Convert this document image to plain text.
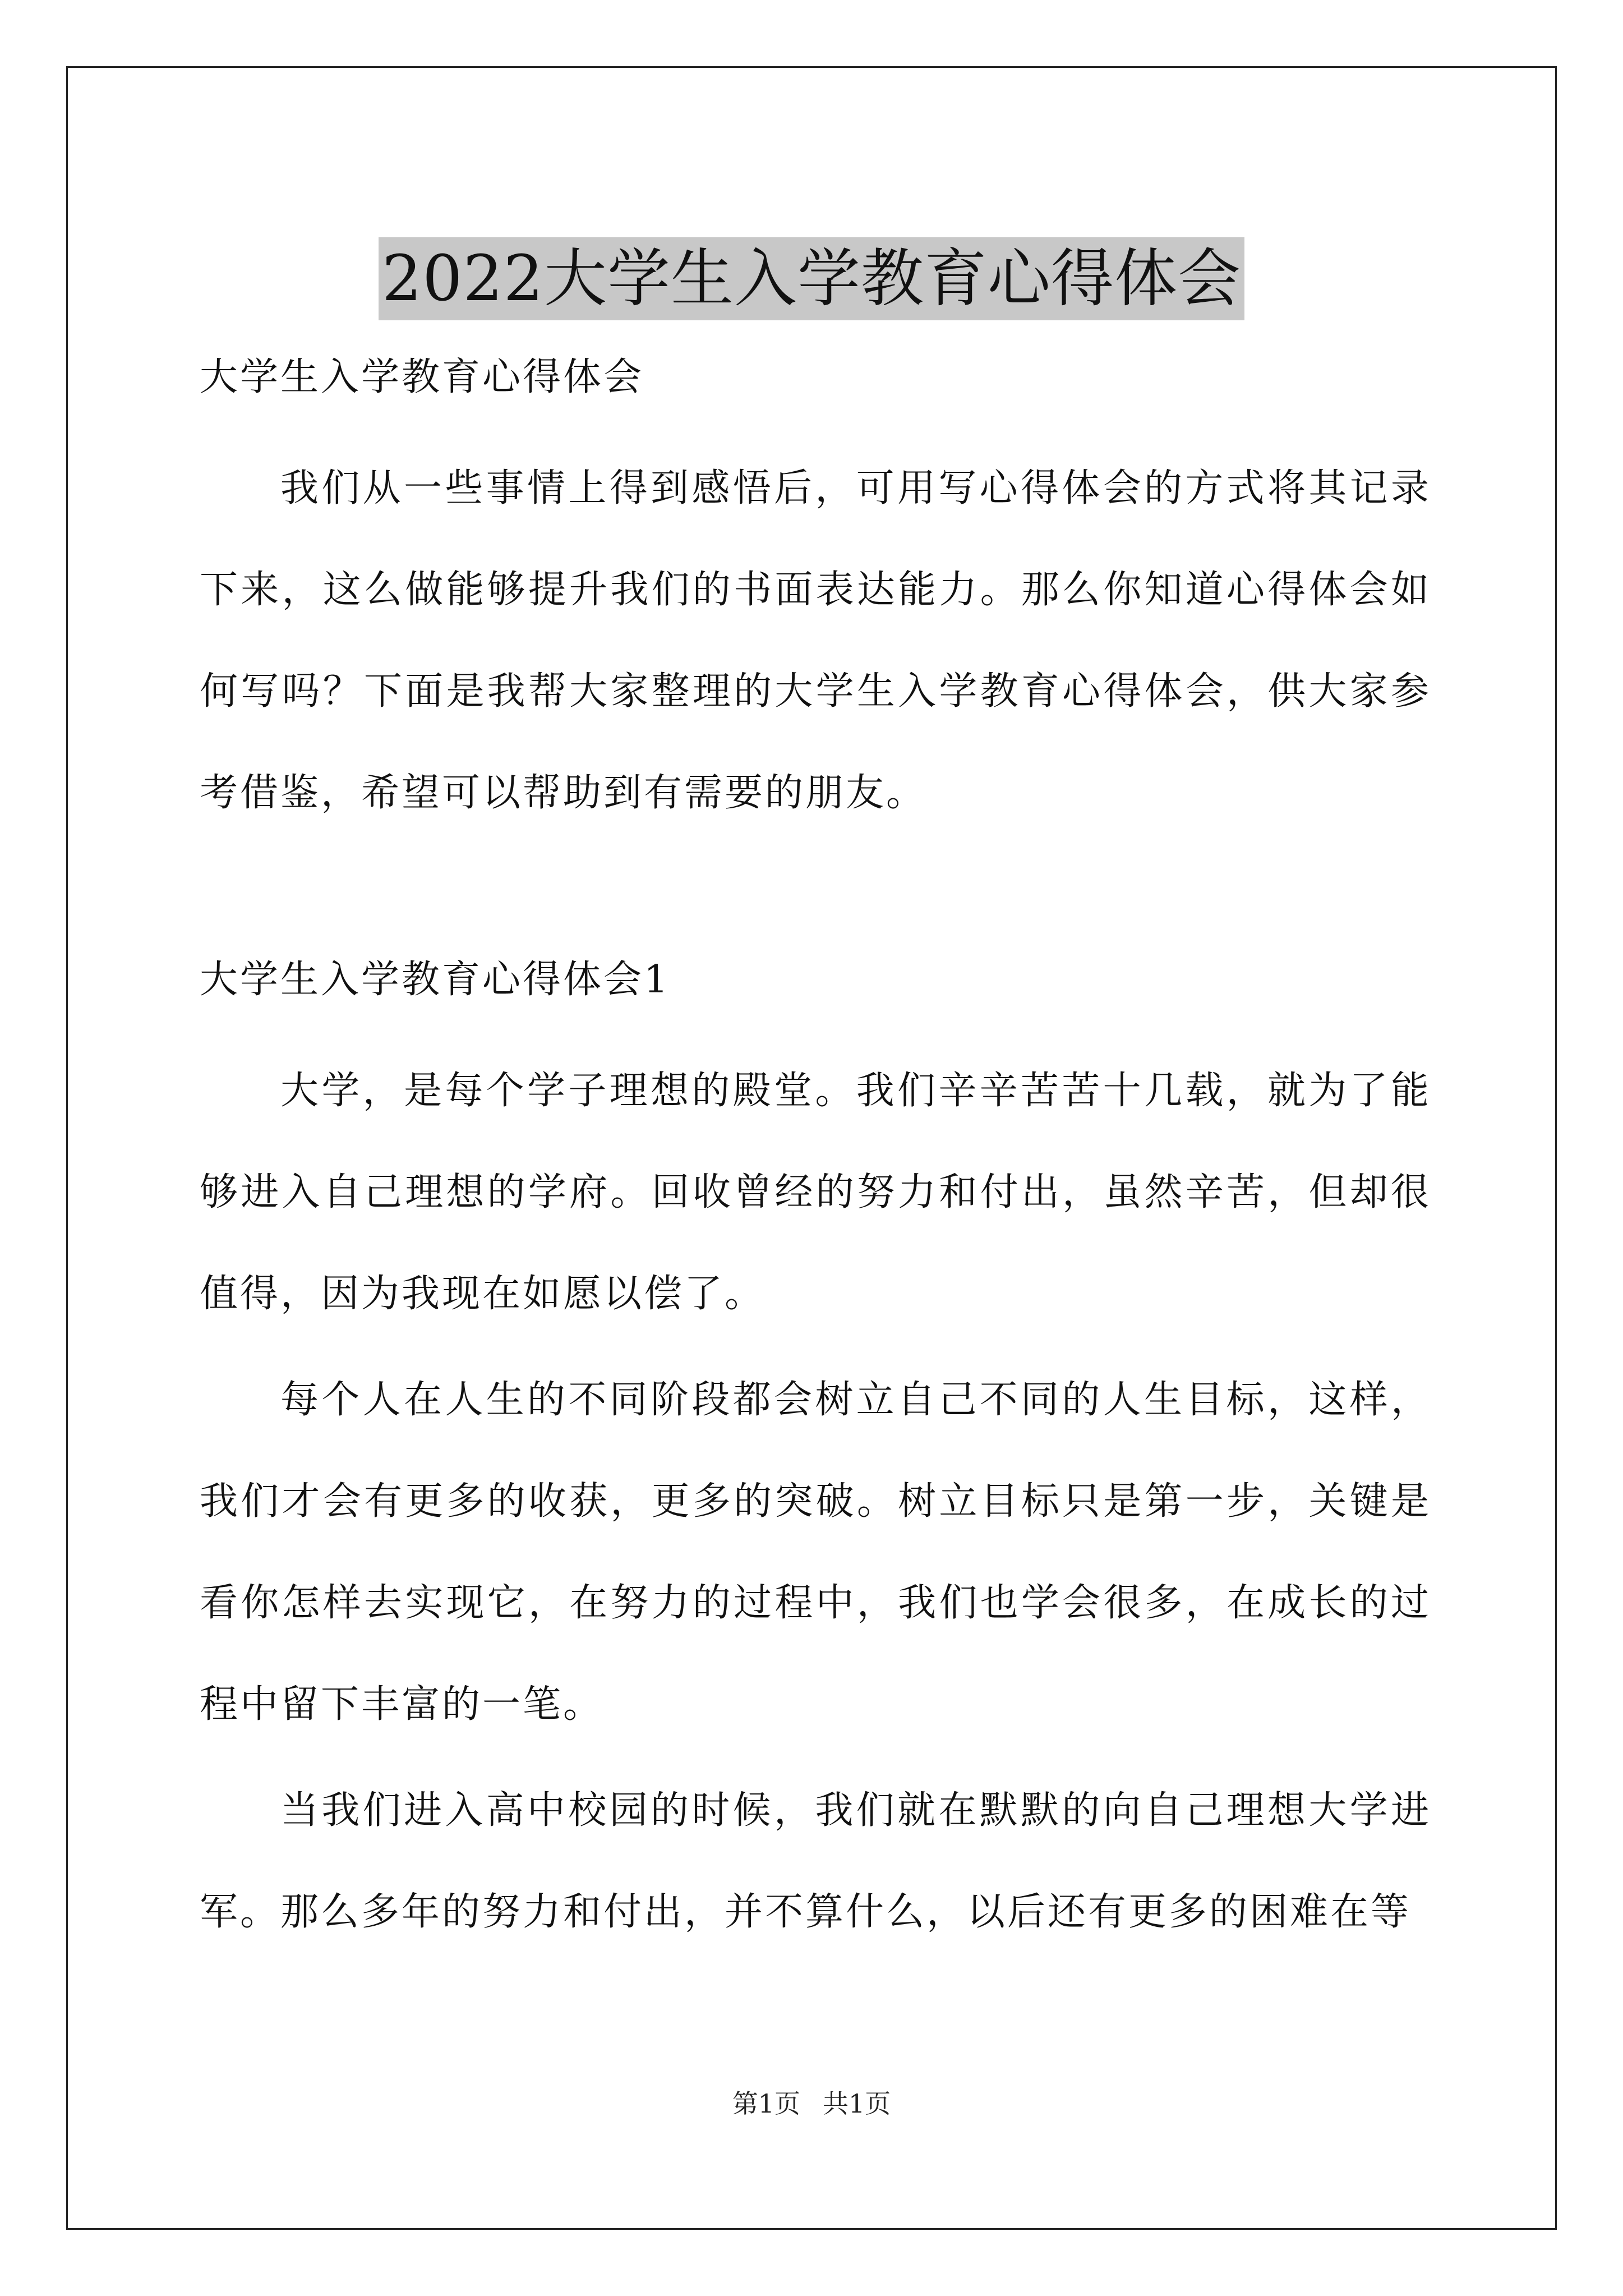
2022大学生入学教育心得体会

大学生入学教育心得体会

我们从一些事情上得到感悟后，可用写心得体会的方式将其记录下来，这么做能够提升我们的书面表达能力。那么你知道心得体会如何写吗？下面是我帮大家整理的大学生入学教育心得体会，供大家参考借鉴，希望可以帮助到有需要的朋友。

大学生入学教育心得体会1

大学，是每个学子理想的殿堂。我们辛辛苦苦十几载，就为了能够进入自己理想的学府。回收曾经的努力和付出，虽然辛苦，但却很值得，因为我现在如愿以偿了。

每个人在人生的不同阶段都会树立自己不同的人生目标，这样，我们才会有更多的收获，更多的突破。树立目标只是第一步，关键是看你怎样去实现它，在努力的过程中，我们也学会很多，在成长的过程中留下丰富的一笔。

当我们进入高中校园的时候，我们就在默默的向自己理想大学进军。那么多年的努力和付出，并不算什么，以后还有更多的困难在等

第1页 共1页
